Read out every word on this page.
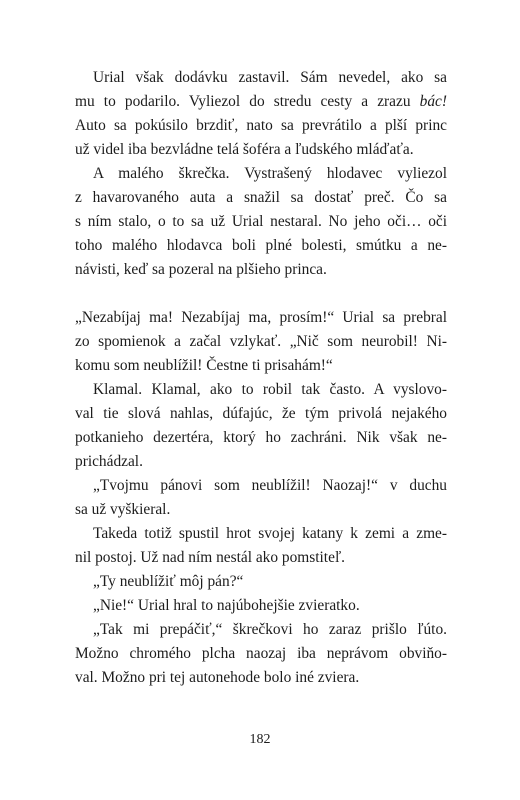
Urial však dodávku zastavil. Sám nevedel, ako sa
mu to podarilo. Vyliezol do stredu cesty a zrazu bác!
Auto sa pokúsilo brzdiť, nato sa prevrátilo a plší princ
už videl iba bezvládne telá šoféra a ľudského mláďaťa.
A malého škrečka. Vystrašený hlodavec vyliezol
z havarovaného auta a snažil sa dostať preč. Čo sa
s ním stalo, o to sa už Urial nestaral. No jeho oči… oči
toho malého hlodavca boli plné bolesti, smútku a ne-
návisti, keď sa pozeral na plšieho princa.
„Nezabíjaj ma! Nezabíjaj ma, prosím!“ Urial sa prebral
zo spomienok a začal vzlykať. „Nič som neurobil! Ni-
komu som neublížil! Čestne ti prisahám!“
Klamal. Klamal, ako to robil tak často. A vyslovo-
val tie slová nahlas, dúfajúc, že tým privolá nejakého
potkanieho dezertéra, ktorý ho zachráni. Nik však ne-
prichádzal.
„Tvojmu pánovi som neublížil! Naozaj!“ v duchu
sa už vyškieral.
Takeda totiž spustil hrot svojej katany k zemi a zme-
nil postoj. Už nad ním nestál ako pomstiteľ.
„Ty neublížiť môj pán?“
„Nie!“ Urial hral to najúbohejšie zvieratko.
„Tak mi prepáčiť,“ škrečkovi ho zaraz prišlo ľúto.
Možno chromého plcha naozaj iba neprávom obviňo-
val. Možno pri tej autonehode bolo iné zviera.
182
